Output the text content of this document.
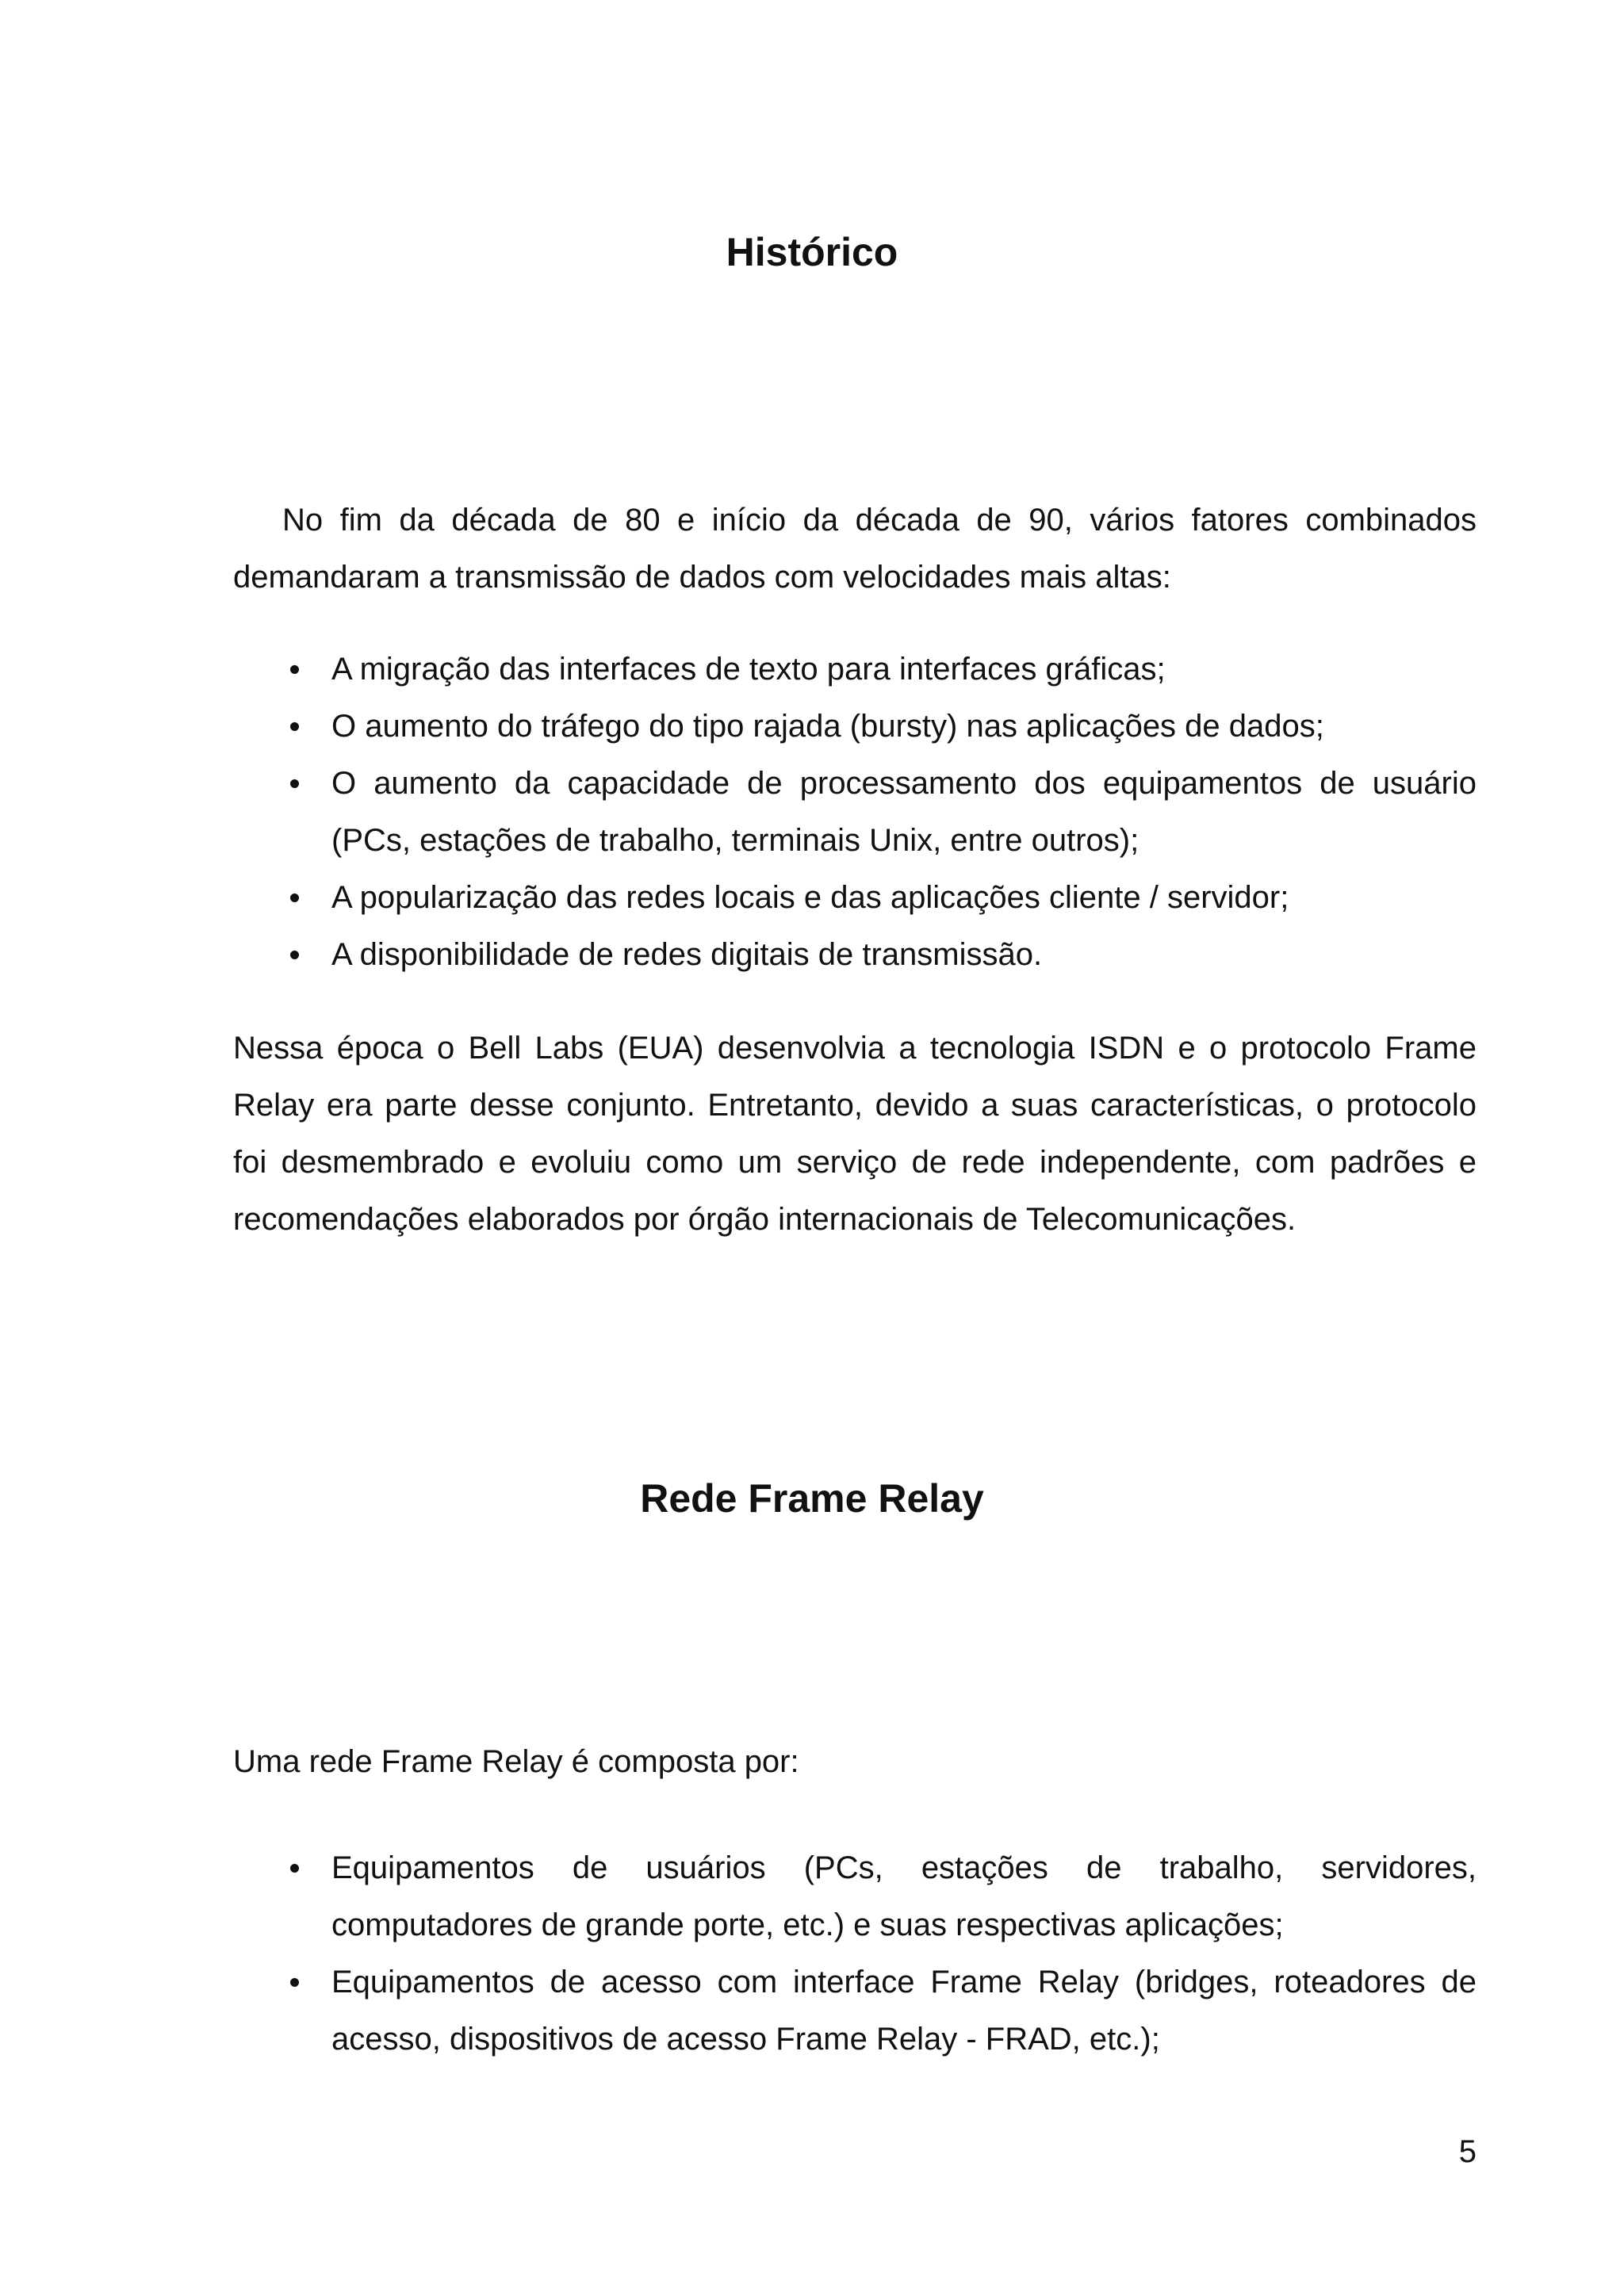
Histórico

No fim da década de 80 e início da década de 90, vários fatores combinados demandaram a transmissão de dados com velocidades mais altas:

A migração das interfaces de texto para interfaces gráficas;
O aumento do tráfego do tipo rajada (bursty) nas aplicações de dados;
O aumento da capacidade de processamento dos equipamentos de usuário (PCs, estações de trabalho, terminais Unix, entre outros);
A popularização das redes locais e das aplicações cliente / servidor;
A disponibilidade de redes digitais de transmissão.

Nessa época o Bell Labs (EUA) desenvolvia a tecnologia ISDN e o protocolo Frame Relay era parte desse conjunto. Entretanto, devido a suas características, o protocolo foi desmembrado e evoluiu como um serviço de rede independente, com padrões e recomendações elaborados por órgão internacionais de Telecomunicações.

Rede Frame Relay

Uma rede Frame Relay é composta por:

Equipamentos de usuários (PCs, estações de trabalho, servidores, computadores de grande porte, etc.) e suas respectivas aplicações;
Equipamentos de acesso com interface Frame Relay (bridges, roteadores de acesso, dispositivos de acesso Frame Relay - FRAD, etc.);
5
